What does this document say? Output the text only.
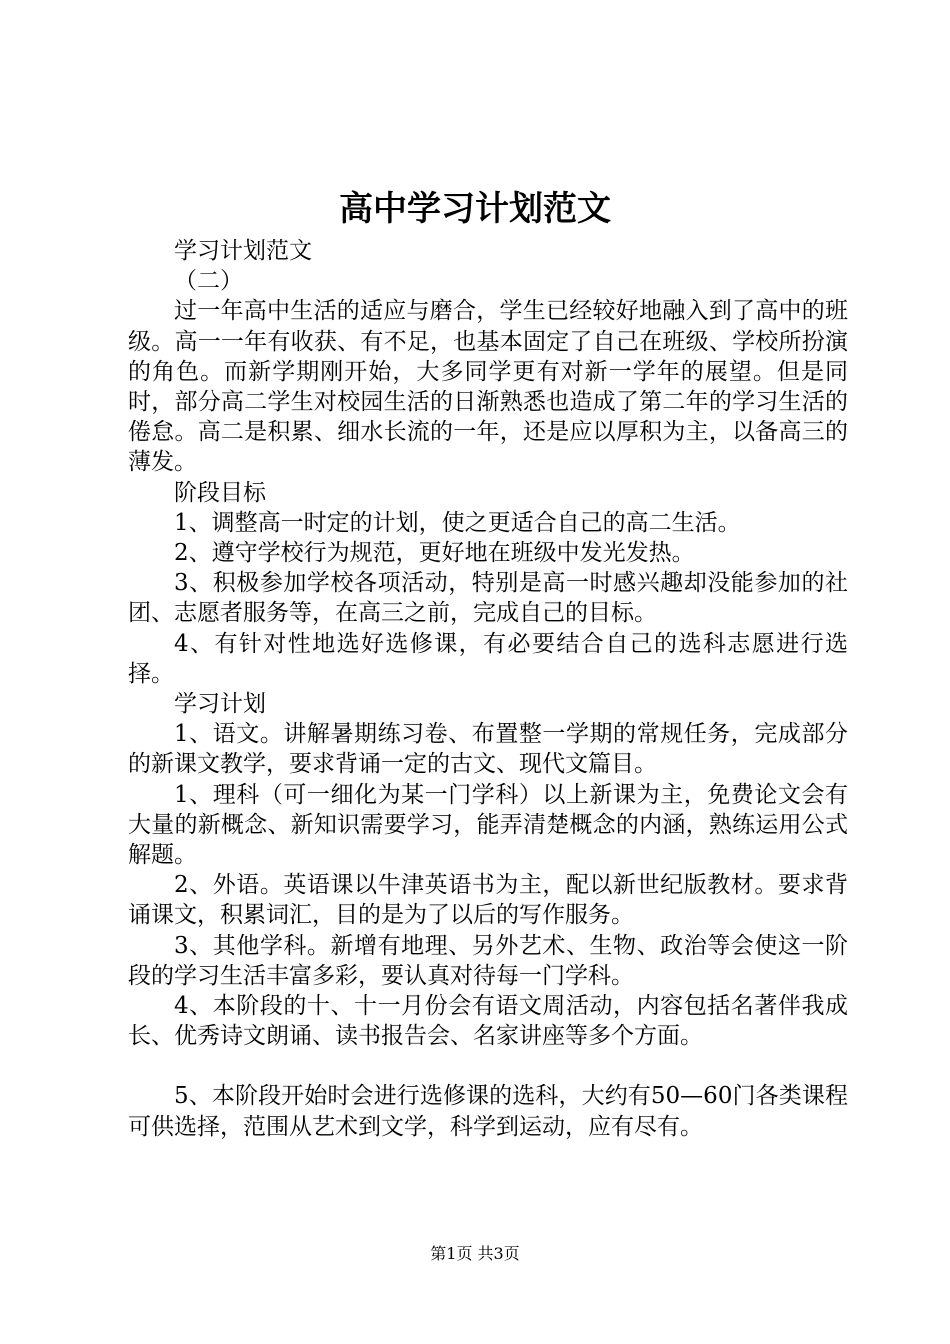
高中学习计划范文

学习计划范文

（二）

过一年高中生活的适应与磨合，学生已经较好地融入到了高中的班级。高一一年有收获、有不足，也基本固定了自己在班级、学校所扮演的角色。而新学期刚开始，大多同学更有对新一学年的展望。但是同时，部分高二学生对校园生活的日渐熟悉也造成了第二年的学习生活的倦怠。高二是积累、细水长流的一年，还是应以厚积为主，以备高三的薄发。

阶段目标

1、调整高一时定的计划，使之更适合自己的高二生活。

2、遵守学校行为规范，更好地在班级中发光发热。

3、积极参加学校各项活动，特别是高一时感兴趣却没能参加的社团、志愿者服务等，在高三之前，完成自己的目标。

4、有针对性地选好选修课，有必要结合自己的选科志愿进行选择。

学习计划

1、语文。讲解暑期练习卷、布置整一学期的常规任务，完成部分的新课文教学，要求背诵一定的古文、现代文篇目。

1、理科（可一细化为某一门学科）以上新课为主，免费论文会有大量的新概念、新知识需要学习，能弄清楚概念的内涵，熟练运用公式解题。

2、外语。英语课以牛津英语书为主，配以新世纪版教材。要求背诵课文，积累词汇，目的是为了以后的写作服务。

3、其他学科。新增有地理、另外艺术、生物、政治等会使这一阶段的学习生活丰富多彩，要认真对待每一门学科。

4、本阶段的十、十一月份会有语文周活动，内容包括名著伴我成长、优秀诗文朗诵、读书报告会、名家讲座等多个方面。

5、本阶段开始时会进行选修课的选科，大约有50—60门各类课程可供选择，范围从艺术到文学，科学到运动，应有尽有。

第1页 共3页
